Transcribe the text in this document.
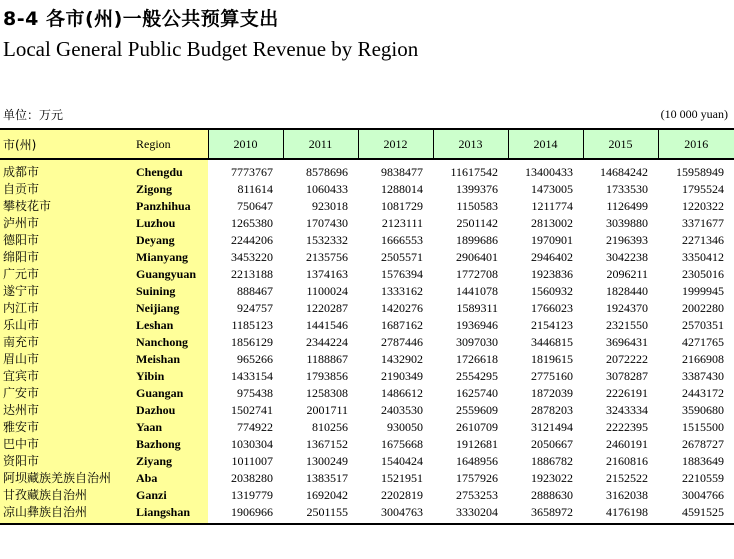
8-4 各市(州)一般公共预算支出
Local General Public Budget Revenue by Region
单位：万元	(10 000 yuan)
市(州)	Region	2010	2011	2012	2013	2014	2015	2016
成都市	Chengdu	7773767	8578696	9838477	11617542	13400433	14684242	15958949
自贡市	Zigong	811614	1060433	1288014	1399376	1473005	1733530	1795524
攀枝花市	Panzhihua	750647	923018	1081729	1150583	1211774	1126499	1220322
泸州市	Luzhou	1265380	1707430	2123111	2501142	2813002	3039880	3371677
德阳市	Deyang	2244206	1532332	1666553	1899686	1970901	2196393	2271346
绵阳市	Mianyang	3453220	2135756	2505571	2906401	2946402	3042238	3350412
广元市	Guangyuan	2213188	1374163	1576394	1772708	1923836	2096211	2305016
遂宁市	Suining	888467	1100024	1333162	1441078	1560932	1828440	1999945
内江市	Neijiang	924757	1220287	1420276	1589311	1766023	1924370	2002280
乐山市	Leshan	1185123	1441546	1687162	1936946	2154123	2321550	2570351
南充市	Nanchong	1856129	2344224	2787446	3097030	3446815	3696431	4271765
眉山市	Meishan	965266	1188867	1432902	1726618	1819615	2072222	2166908
宜宾市	Yibin	1433154	1793856	2190349	2554295	2775160	3078287	3387430
广安市	Guangan	975438	1258308	1486612	1625740	1872039	2226191	2443172
达州市	Dazhou	1502741	2001711	2403530	2559609	2878203	3243334	3590680
雅安市	Yaan	774922	810256	930050	2610709	3121494	2222395	1515500
巴中市	Bazhong	1030304	1367152	1675668	1912681	2050667	2460191	2678727
资阳市	Ziyang	1011007	1300249	1540424	1648956	1886782	2160816	1883649
阿坝藏族羌族自治州	Aba	2038280	1383517	1521951	1757926	1923022	2152522	2210559
甘孜藏族自治州	Ganzi	1319779	1692042	2202819	2753253	2888630	3162038	3004766
凉山彝族自治州	Liangshan	1906966	2501155	3004763	3330204	3658972	4176198	4591525
